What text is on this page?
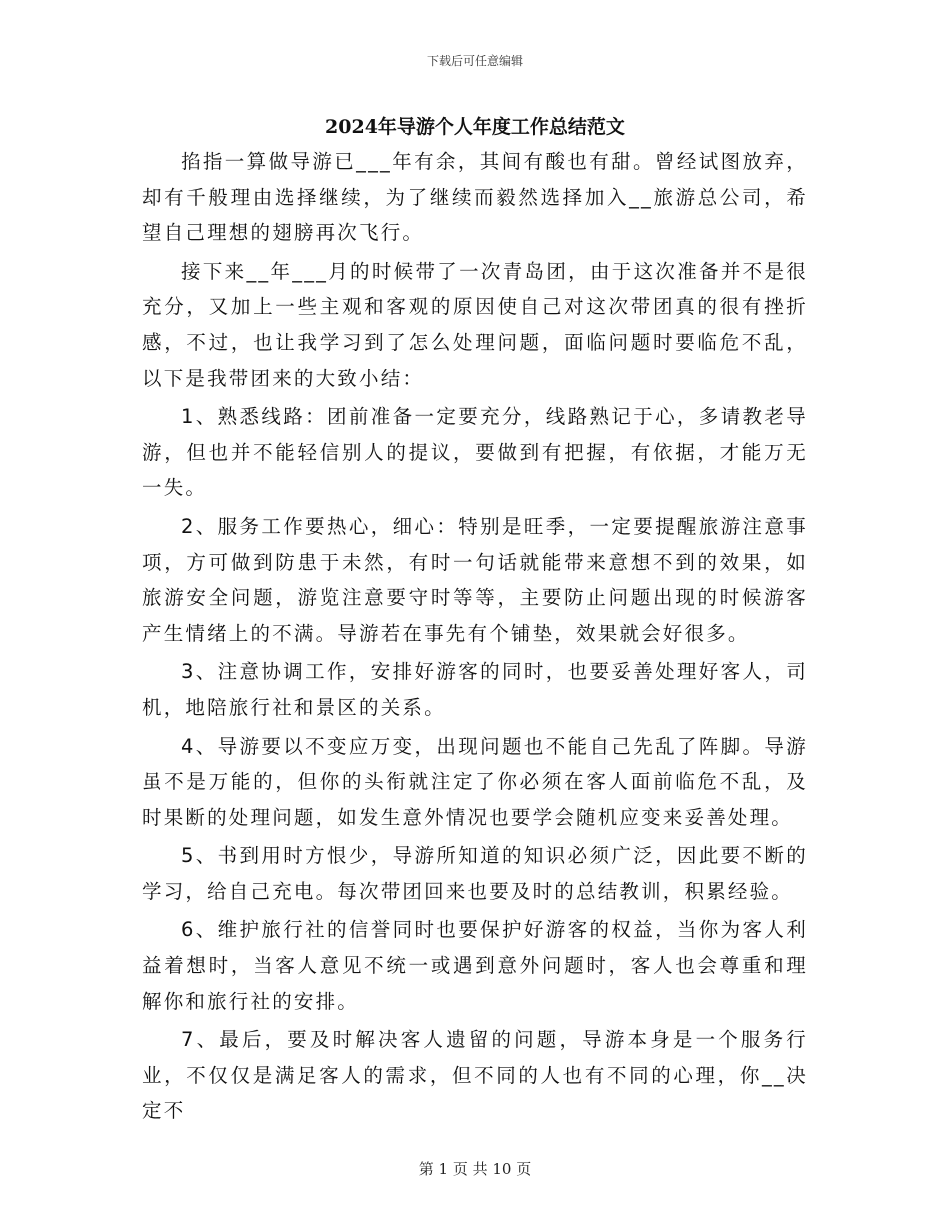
下载后可任意编辑
2024年导游个人年度工作总结范文

掐指一算做导游已___年有余，其间有酸也有甜。曾经试图放弃，却有千般理由选择继续，为了继续而毅然选择加入__旅游总公司，希望自己理想的翅膀再次飞行。

接下来__年___月的时候带了一次青岛团，由于这次准备并不是很充分，又加上一些主观和客观的原因使自己对这次带团真的很有挫折感，不过，也让我学习到了怎么处理问题，面临问题时要临危不乱，以下是我带团来的大致小结：

1、熟悉线路：团前准备一定要充分，线路熟记于心，多请教老导游，但也并不能轻信别人的提议，要做到有把握，有依据，才能万无一失。

2、服务工作要热心，细心：特别是旺季，一定要提醒旅游注意事项，方可做到防患于未然，有时一句话就能带来意想不到的效果，如旅游安全问题，游览注意要守时等等，主要防止问题出现的时候游客产生情绪上的不满。导游若在事先有个铺垫，效果就会好很多。

3、注意协调工作，安排好游客的同时，也要妥善处理好客人，司机，地陪旅行社和景区的关系。

4、导游要以不变应万变，出现问题也不能自己先乱了阵脚。导游虽不是万能的，但你的头衔就注定了你必须在客人面前临危不乱，及时果断的处理问题，如发生意外情况也要学会随机应变来妥善处理。

5、书到用时方恨少，导游所知道的知识必须广泛，因此要不断的学习，给自己充电。每次带团回来也要及时的总结教训，积累经验。

6、维护旅行社的信誉同时也要保护好游客的权益，当你为客人利益着想时，当客人意见不统一或遇到意外问题时，客人也会尊重和理解你和旅行社的安排。

7、最后，要及时解决客人遗留的问题，导游本身是一个服务行业，不仅仅是满足客人的需求，但不同的人也有不同的心理，你__决定不

第 1 页 共 10 页
